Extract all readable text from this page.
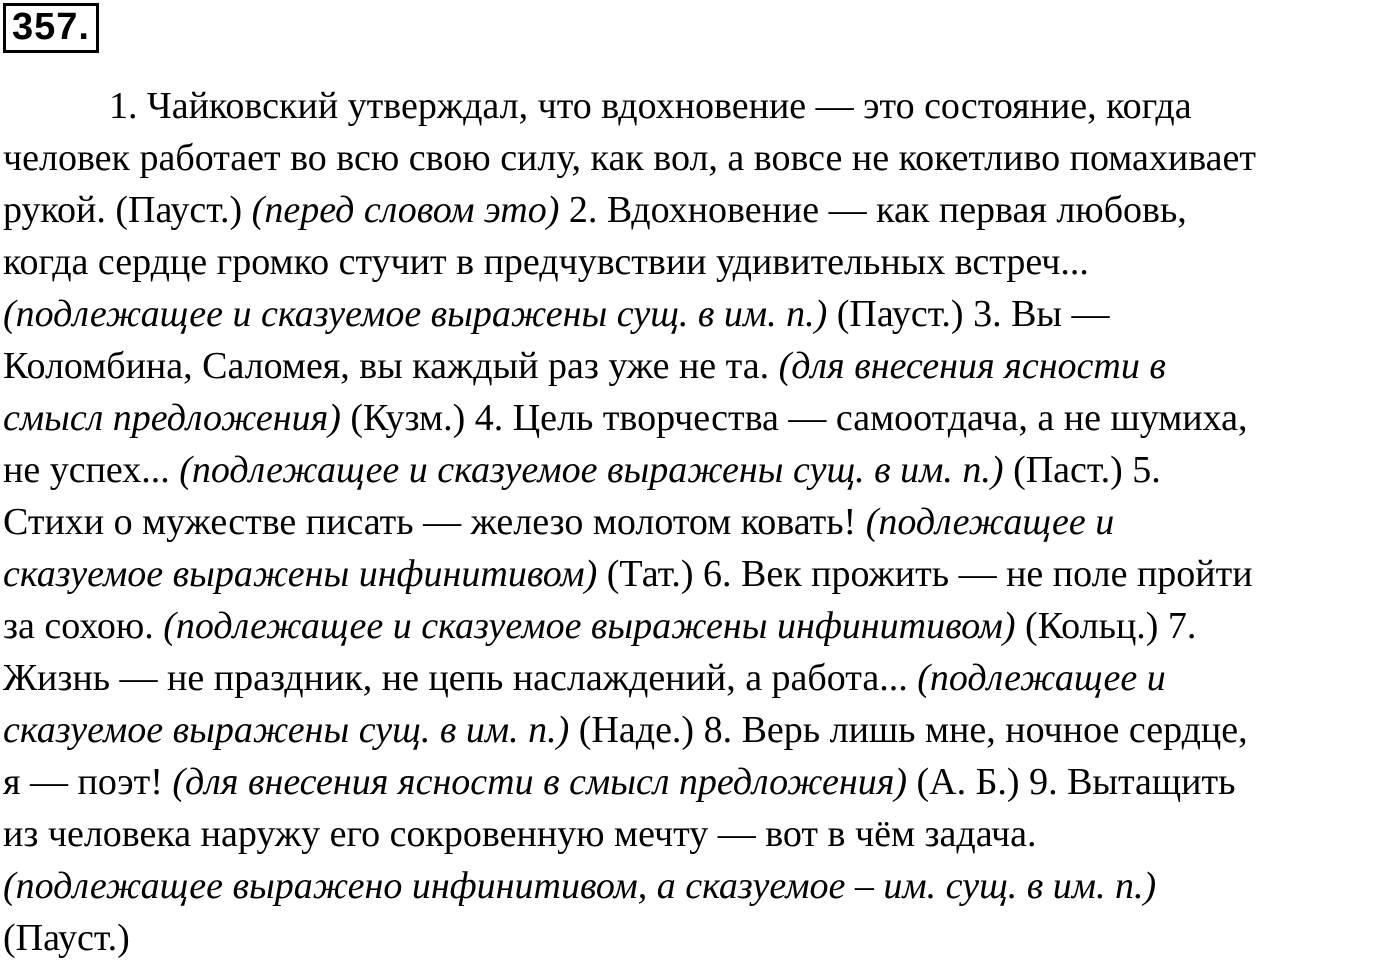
357.
1. Чайковский утверждал, что вдохновение — это состояние, когда
человек работает во всю свою силу, как вол, а вовсе не кокетливо помахивает
рукой. (Пауст.) (перед словом это) 2. Вдохновение — как первая любовь,
когда сердце громко стучит в предчувствии удивительных встреч...
(подлежащее и сказуемое выражены сущ. в им. п.) (Пауст.) 3. Вы —
Коломбина, Саломея, вы каждый раз уже не та. (для внесения ясности в
смысл предложения) (Кузм.) 4. Цель творчества — самоотдача, а не шумиха,
не успех... (подлежащее и сказуемое выражены сущ. в им. п.) (Паст.) 5.
Стихи о мужестве писать — железо молотом ковать! (подлежащее и
сказуемое выражены инфинитивом) (Тат.) 6. Век прожить — не поле пройти
за сохою. (подлежащее и сказуемое выражены инфинитивом) (Кольц.) 7.
Жизнь — не праздник, не цепь наслаждений, а работа... (подлежащее и
сказуемое выражены сущ. в им. п.) (Наде.) 8. Верь лишь мне, ночное сердце,
я — поэт! (для внесения ясности в смысл предложения) (А. Б.) 9. Вытащить
из человека наружу его сокровенную мечту — вот в чём задача.
(подлежащее выражено инфинитивом, а сказуемое – им. сущ. в им. п.)
(Пауст.)
